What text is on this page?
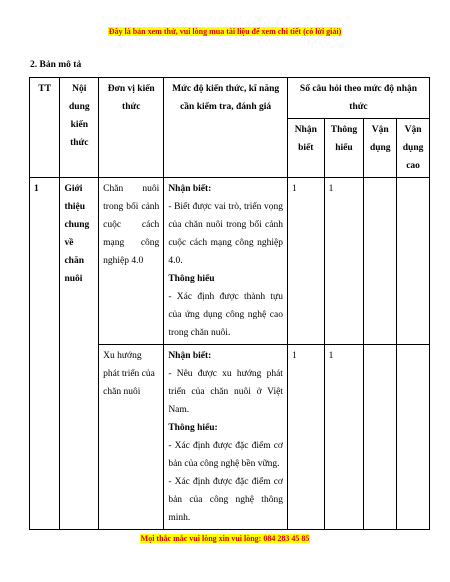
Đây là bản xem thử, vui lòng mua tài liệu để xem chi tiết (có lời giải)
2. Bản mô tả
TT	Nội dung kiến thức	Đơn vị kiến thức	Mức độ kiến thức, kĩ năng cần kiểm tra, đánh giá	Số câu hỏi theo mức độ nhận thức			
				Nhận biết	Thông hiểu	Vận dụng	Vận dụng cao
1	Giới thiệu chung về chăn nuôi	Chăn nuôi trong bối cảnh cuộc cách mạng công nghiệp 4.0	Nhận biết:
- Biết được vai trò, triển vọng của chăn nuôi trong bối cảnh cuộc cách mạng công nghiệp 4.0.
Thông hiểu
- Xác định được thành tựu của ứng dụng công nghệ cao trong chăn nuôi.	1	1		
		Xu hướng phát triển của chăn nuôi	Nhận biết:
- Nêu được xu hướng phát triển của chăn nuôi ở Việt Nam.
Thông hiểu:
- Xác định được đặc điểm cơ bản của công nghệ bền vững.
- Xác định được đặc điểm cơ bản của công nghệ thông minh.	1	1		
Mọi thắc mắc vui lòng xin vui lòng: 084 283 45 85
